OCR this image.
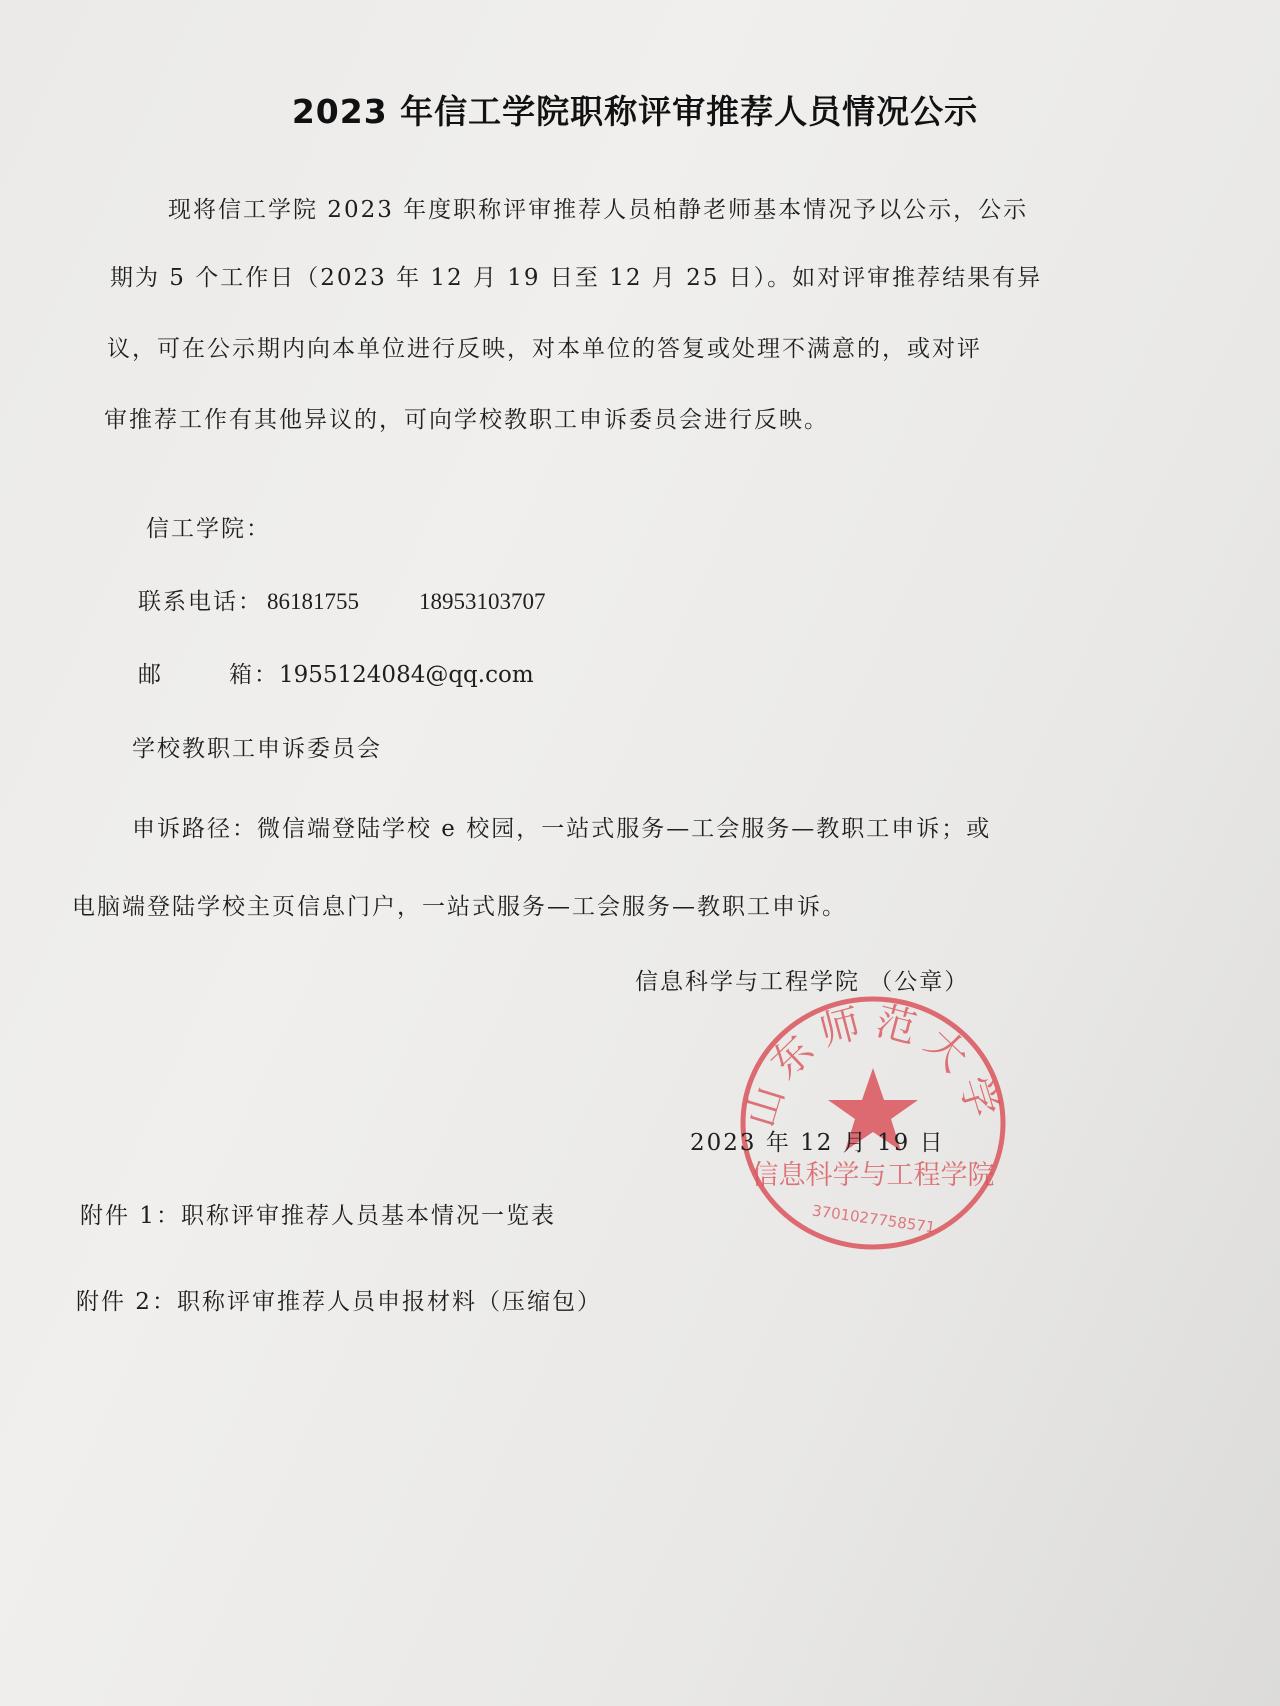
2023 年信工学院职称评审推荐人员情况公示
现将信工学院 2023 年度职称评审推荐人员柏静老师基本情况予以公示，公示
期为 5 个工作日（2023 年 12 月 19 日至 12 月 25 日）。如对评审推荐结果有异
议，可在公示期内向本单位进行反映，对本单位的答复或处理不满意的，或对评
审推荐工作有其他异议的，可向学校教职工申诉委员会进行反映。
信工学院：
联系电话： 86181755	18953103707
邮	箱：1955124084@qq.com
学校教职工申诉委员会
申诉路径：微信端登陆学校 e 校园，一站式服务—工会服务—教职工申诉；或
电脑端登陆学校主页信息门户，一站式服务—工会服务—教职工申诉。
信息科学与工程学院 （公章）
山东师范大学
信息科学与工程学院
3701027758571
2023 年 12 月 19 日
附件 1：职称评审推荐人员基本情况一览表
附件 2：职称评审推荐人员申报材料（压缩包）
